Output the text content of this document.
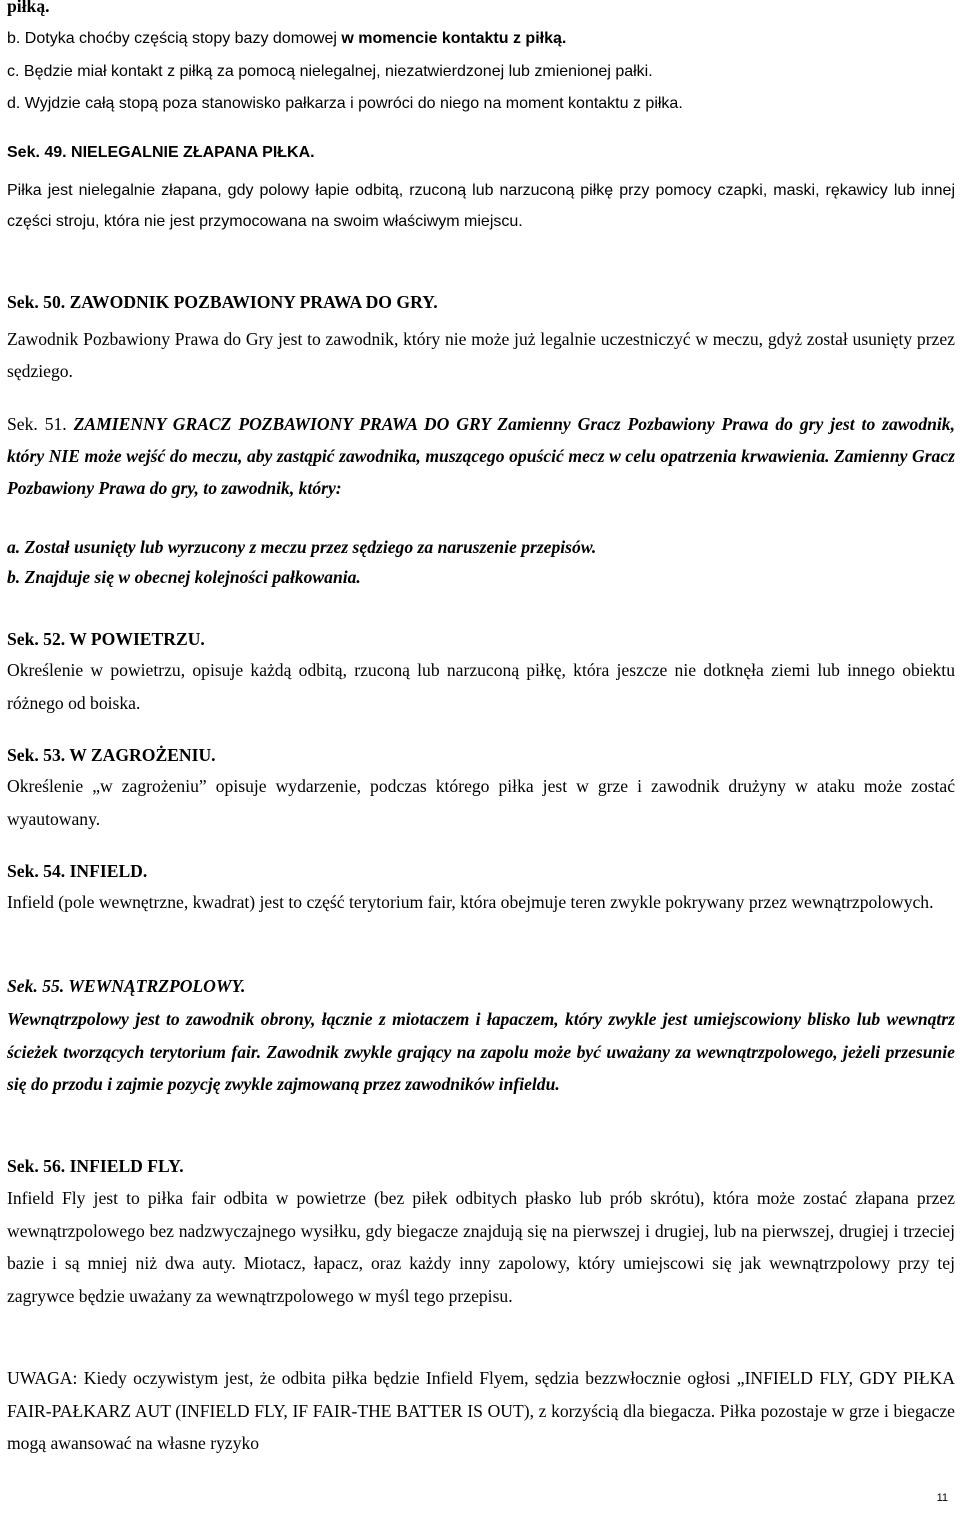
piłką.
b. Dotyka choćby częścią stopy bazy domowej w momencie kontaktu z piłką.
c. Będzie miał kontakt z piłką za pomocą nielegalnej, niezatwierdzonej lub zmienionej pałki.
d. Wyjdzie całą stopą poza stanowisko pałkarza i powróci do niego na moment kontaktu z piłka.
Sek. 49. NIELEGALNIE ZŁAPANA PIŁKA.
Piłka jest nielegalnie złapana, gdy polowy łapie odbitą, rzuconą lub narzuconą piłkę przy pomocy czapki, maski, rękawicy lub innej części stroju, która nie jest przymocowana na swoim właściwym miejscu.
Sek. 50. ZAWODNIK POZBAWIONY PRAWA DO GRY.
Zawodnik Pozbawiony Prawa do Gry jest to zawodnik, który nie może już legalnie uczestniczyć w meczu, gdyż został usunięty przez sędziego.
Sek. 51. ZAMIENNY GRACZ POZBAWIONY PRAWA DO GRY Zamienny Gracz Pozbawiony Prawa do gry jest to zawodnik, który NIE może wejść do meczu, aby zastąpić zawodnika, muszącego opuścić mecz w celu opatrzenia krwawienia. Zamienny Gracz Pozbawiony Prawa do gry, to zawodnik, który:
a. Został usunięty lub wyrzucony z meczu przez sędziego za naruszenie przepisów.
b. Znajduje się w obecnej kolejności pałkowania.
Sek. 52. W POWIETRZU.
Określenie w powietrzu, opisuje każdą odbitą, rzuconą lub narzuconą piłkę, która jeszcze nie dotknęła ziemi lub innego obiektu różnego od boiska.
Sek. 53. W ZAGROŻENIU.
Określenie „w zagrożeniu” opisuje wydarzenie, podczas którego piłka jest w grze i zawodnik drużyny w ataku może zostać wyautowany.
Sek. 54. INFIELD.
Infield (pole wewnętrzne, kwadrat) jest to część terytorium fair, która obejmuje teren zwykle pokrywany przez wewnątrzpolowych.
Sek. 55. WEWNĄTRZPOLOWY.
Wewnątrzpolowy jest to zawodnik obrony, łącznie z miotaczem i łapaczem, który zwykle jest umiejscowiony blisko lub wewnątrz ścieżek tworzących terytorium fair. Zawodnik zwykle grający na zapolu może być uważany za wewnątrzpolowego, jeżeli przesunie się do przodu i zajmie pozycję zwykle zajmowaną przez zawodników infieldu.
Sek. 56. INFIELD FLY.
Infield Fly jest to piłka fair odbita w powietrze (bez piłek odbitych płasko lub prób skrótu), która może zostać złapana przez wewnątrzpolowego bez nadzwyczajnego wysiłku, gdy biegacze znajdują się na pierwszej i drugiej, lub na pierwszej, drugiej i trzeciej bazie i są mniej niż dwa auty. Miotacz, łapacz, oraz każdy inny zapolowy, który umiejscowi się jak wewnątrzpolowy przy tej zagrywce będzie uważany za wewnątrzpolowego w myśl tego przepisu.
UWAGA: Kiedy oczywistym jest, że odbita piłka będzie Infield Flyem, sędzia bezzwłocznie ogłosi „INFIELD FLY, GDY PIŁKA FAIR-PAŁKARZ AUT (INFIELD FLY, IF FAIR-THE BATTER IS OUT), z korzyścią dla biegacza. Piłka pozostaje w grze i biegacze mogą awansować na własne ryzyko
11
